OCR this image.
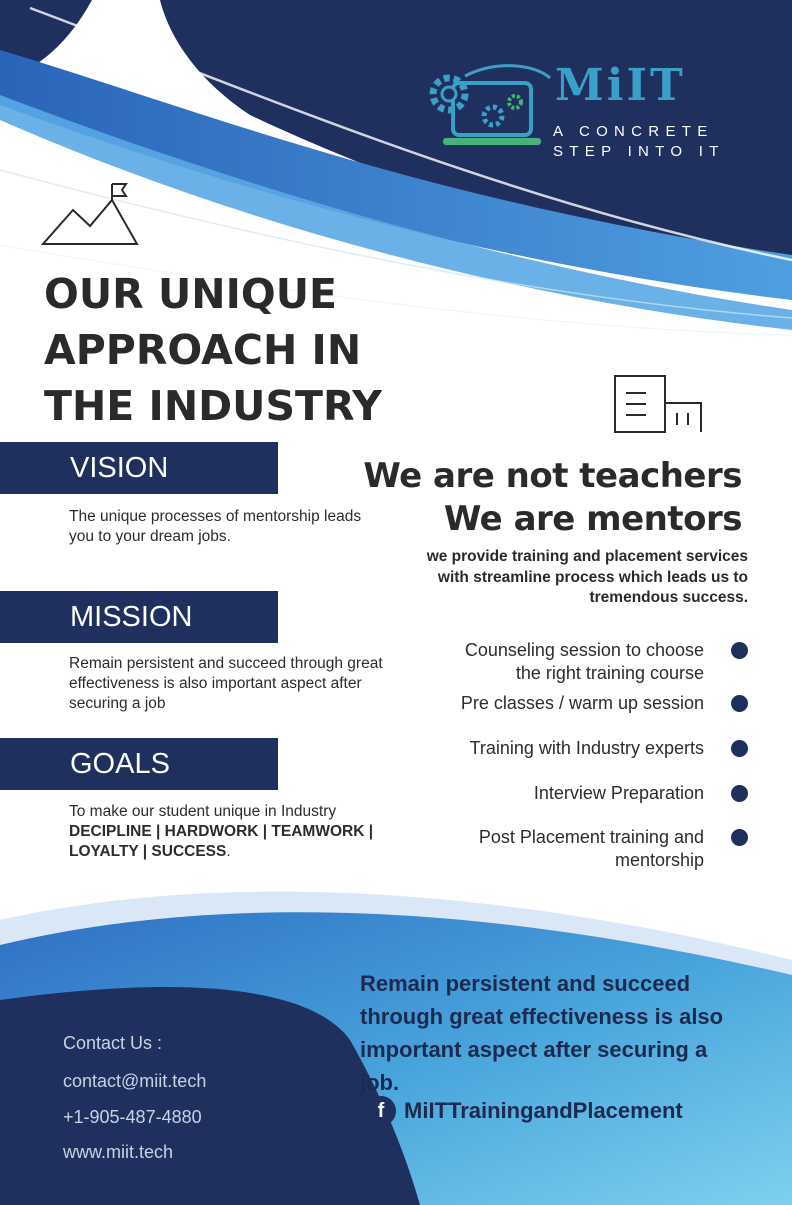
MiIT
A CONCRETE
STEP INTO IT
OUR UNIQUE
APPROACH IN
THE INDUSTRY
VISION
The unique processes of mentorship leads you to your dream jobs.
MISSION
Remain persistent and succeed through great effectiveness is also important aspect after securing a job
GOALS
To make our student unique in Industry
DECIPLINE | HARDWORK | TEAMWORK | LOYALTY | SUCCESS.
We are not teachers
We are mentors
we provide training and placement services with streamline process which leads us to tremendous success.
Counseling session to choose
the right training course
Pre classes / warm up session
Training with Industry experts
Interview Preparation
Post Placement training and
mentorship
Contact Us :
contact@miit.tech
+1-905-487-4880
www.miit.tech
Remain persistent and succeed
through great effectiveness is also
important aspect after securing a
job.
f MiITTrainingandPlacement
